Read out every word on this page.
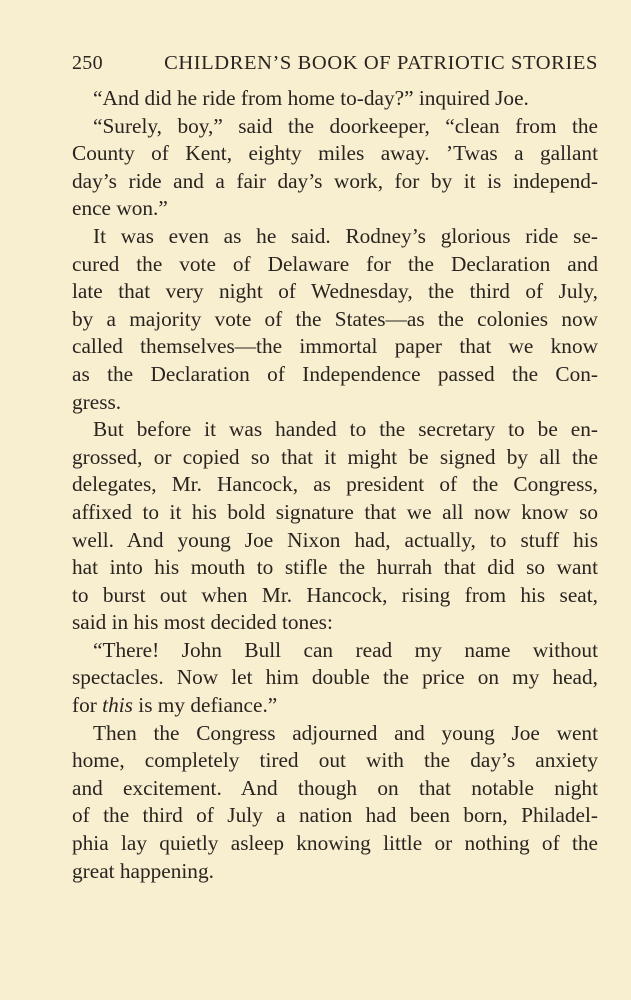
250	CHILDREN’S BOOK OF PATRIOTIC STORIES

“And did he ride from home to-day?” inquired Joe.

“Surely, boy,” said the doorkeeper, “clean from the
County of Kent, eighty miles away. ’Twas a gallant
day’s ride and a fair day’s work, for by it is independ-
ence won.”

It was even as he said. Rodney’s glorious ride se-
cured the vote of Delaware for the Declaration and
late that very night of Wednesday, the third of July,
by a majority vote of the States—as the colonies now
called themselves—the immortal paper that we know
as the Declaration of Independence passed the Con-
gress.

But before it was handed to the secretary to be en-
grossed, or copied so that it might be signed by all the
delegates, Mr. Hancock, as president of the Congress,
affixed to it his bold signature that we all now know so
well. And young Joe Nixon had, actually, to stuff his
hat into his mouth to stifle the hurrah that did so want
to burst out when Mr. Hancock, rising from his seat,
said in his most decided tones:

“There! John Bull can read my name without
spectacles. Now let him double the price on my head,
for this is my defiance.”

Then the Congress adjourned and young Joe went
home, completely tired out with the day’s anxiety
and excitement. And though on that notable night
of the third of July a nation had been born, Philadel-
phia lay quietly asleep knowing little or nothing of the
great happening.
